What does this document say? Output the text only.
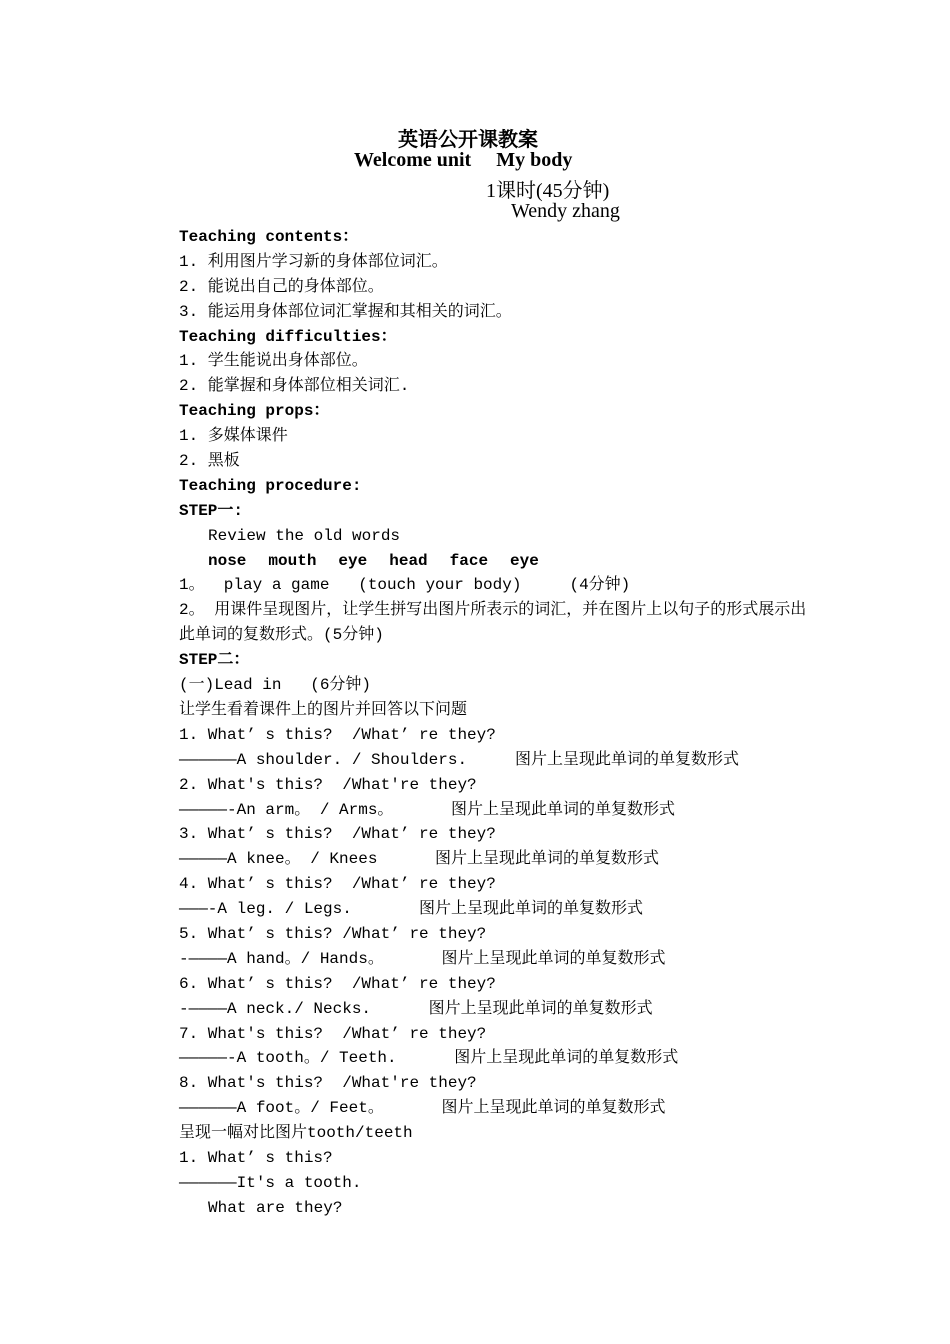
英语公开课教案
Welcome unit     My body
1课时(45分钟)
Wendy zhang
Teaching contents：
1. 利用图片学习新的身体部位词汇。
2. 能说出自己的身体部位。
3. 能运用身体部位词汇掌握和其相关的词汇。
Teaching difficulties：
1. 学生能说出身体部位。
2. 能掌握和身体部位相关词汇.
Teaching props：
1. 多媒体课件
2. 黑板
Teaching procedure:
STEP一:
Review the old words
nose mouth eye head face eye
1。  play a game   (touch your body)     (4分钟)
2。 用课件呈现图片，让学生拼写出图片所表示的词汇，并在图片上以句子的形式展示出此单词的复数形式。(5分钟)
STEP二：
(一)Lead in   (6分钟)
让学生看着课件上的图片并回答以下问题
1. What’ s this?  /What’ re they?
——————A shoulder. / Shoulders.     图片上呈现此单词的单复数形式
2. What's this?  /What're they?
—————-An arm。 / Arms。      图片上呈现此单词的单复数形式
3. What’ s this?  /What’ re they?
—————A knee。 / Knees      图片上呈现此单词的单复数形式
4. What’ s this?  /What’ re they?
———-A leg. / Legs.       图片上呈现此单词的单复数形式
5. What’ s this? /What’ re they?
-————A hand。/ Hands。      图片上呈现此单词的单复数形式
6. What’ s this?  /What’ re they?
-————A neck./ Necks.      图片上呈现此单词的单复数形式
7. What's this?  /What’ re they?
—————-A tooth。/ Teeth.      图片上呈现此单词的单复数形式
8. What's this?  /What're they?
——————A foot。/ Feet。      图片上呈现此单词的单复数形式
呈现一幅对比图片tooth/teeth
1. What’ s this?
——————It's a tooth.
What are they?
